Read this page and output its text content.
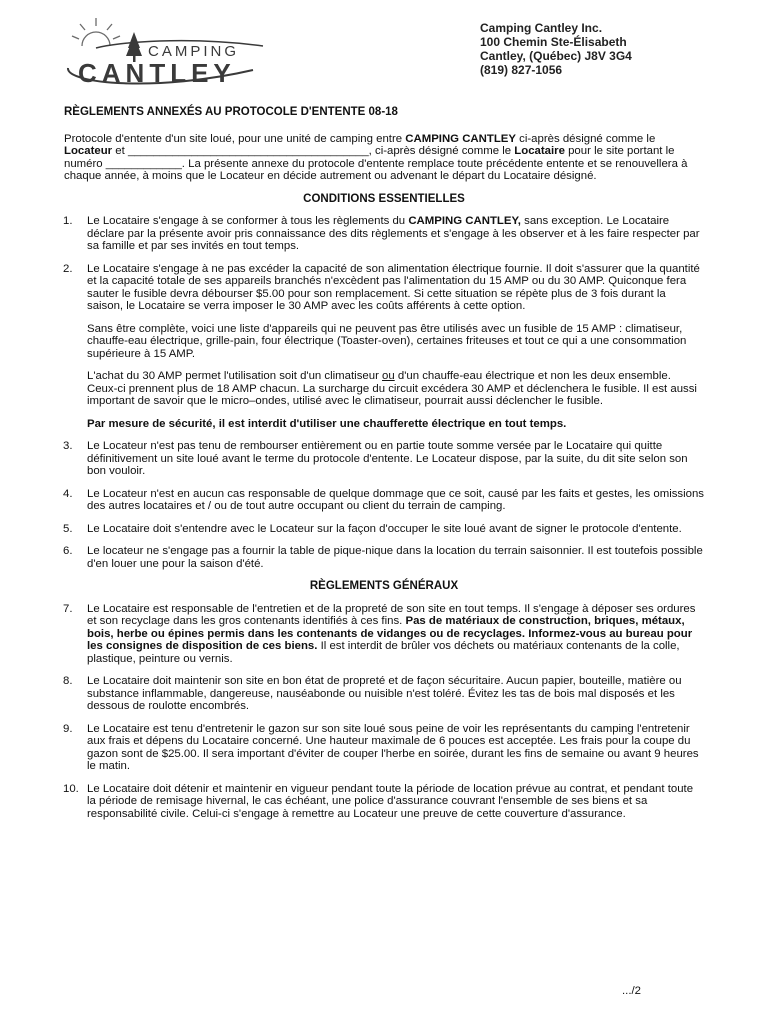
CAMPING
CANTLEY
Camping Cantley Inc.
100 Chemin Ste-Élisabeth
Cantley, (Québec) J8V 3G4
(819) 827-1056
RÈGLEMENTS ANNEXÉS AU PROTOCOLE D'ENTENTE 08-18

Protocole d'entente d'un site loué, pour une unité de camping entre CAMPING CANTLEY ci-après désigné comme le Locateur et ______________________________________, ci-après désigné comme le Locataire pour le site portant le numéro ____________. La présente annexe du protocole d'entente remplace toute précédente entente et se renouvellera à chaque année, à moins que le Locateur en décide autrement ou advenant le départ du Locataire désigné.

CONDITIONS ESSENTIELLES
1. Le Locataire s'engage à se conformer à tous les règlements du CAMPING CANTLEY, sans exception. Le Locataire déclare par la présente avoir pris connaissance des dits règlements et s'engage à les observer et à les faire respecter par sa famille et par ses invités en tout temps.
2. Le Locataire s'engage à ne pas excéder la capacité de son alimentation électrique fournie. Il doit s'assurer que la quantité et la capacité totale de ses appareils branchés n'excèdent pas l'alimentation du 15 AMP ou du 30 AMP. Quiconque fera sauter le fusible devra débourser $5.00 pour son remplacement. Si cette situation se répète plus de 3 fois durant la saison, le Locataire se verra imposer le 30 AMP avec les coûts afférents à cette option.
Sans être complète, voici une liste d'appareils qui ne peuvent pas être utilisés avec un fusible de 15 AMP : climatiseur, chauffe-eau électrique, grille-pain, four électrique (Toaster-oven), certaines friteuses et tout ce qui a une consommation supérieure à 15 AMP.
L'achat du 30 AMP permet l'utilisation soit d'un climatiseur ou d'un chauffe-eau électrique et non les deux ensemble. Ceux-ci prennent plus de 18 AMP chacun. La surcharge du circuit excédera 30 AMP et déclenchera le fusible. Il est aussi important de savoir que le micro–ondes, utilisé avec le climatiseur, pourrait aussi déclencher le fusible.
Par mesure de sécurité, il est interdit d'utiliser une chaufferette électrique en tout temps.
3. Le Locateur n'est pas tenu de rembourser entièrement ou en partie toute somme versée par le Locataire qui quitte définitivement un site loué avant le terme du protocole d'entente. Le Locateur dispose, par la suite, du dit site selon son bon vouloir.
4. Le Locateur n'est en aucun cas responsable de quelque dommage que ce soit, causé par les faits et gestes, les omissions des autres locataires et / ou de tout autre occupant ou client du terrain de camping.
5. Le Locataire doit s'entendre avec le Locateur sur la façon d'occuper le site loué avant de signer le protocole d'entente.
6. Le locateur ne s'engage pas a fournir la table de pique-nique dans la location du terrain saisonnier. Il est toutefois possible d'en louer une pour la saison d'été.
RÈGLEMENTS GÉNÉRAUX
7. Le Locataire est responsable de l'entretien et de la propreté de son site en tout temps. Il s'engage à déposer ses ordures et son recyclage dans les gros contenants identifiés à ces fins. Pas de matériaux de construction, briques, métaux, bois, herbe ou épines permis dans les contenants de vidanges ou de recyclages. Informez-vous au bureau pour les consignes de disposition de ces biens. Il est interdit de brûler vos déchets ou matériaux contenants de la colle, plastique, peinture ou vernis.
8. Le Locataire doit maintenir son site en bon état de propreté et de façon sécuritaire. Aucun papier, bouteille, matière ou substance inflammable, dangereuse, nauséabonde ou nuisible n'est toléré. Évitez les tas de bois mal disposés et les dessous de roulotte encombrés.
9. Le Locataire est tenu d'entretenir le gazon sur son site loué sous peine de voir les représentants du camping l'entretenir aux frais et dépens du Locataire concerné. Une hauteur maximale de 6 pouces est acceptée. Les frais pour la coupe du gazon sont de $25.00. Il sera important d'éviter de couper l'herbe en soirée, durant les fins de semaine ou avant 9 heures le matin.
10. Le Locataire doit détenir et maintenir en vigueur pendant toute la période de location prévue au contrat, et pendant toute la période de remisage hivernal, le cas échéant, une police d'assurance couvrant l'ensemble de ses biens et sa responsabilité civile. Celui-ci s'engage à remettre au Locateur une preuve de cette couverture d'assurance.
.../2
